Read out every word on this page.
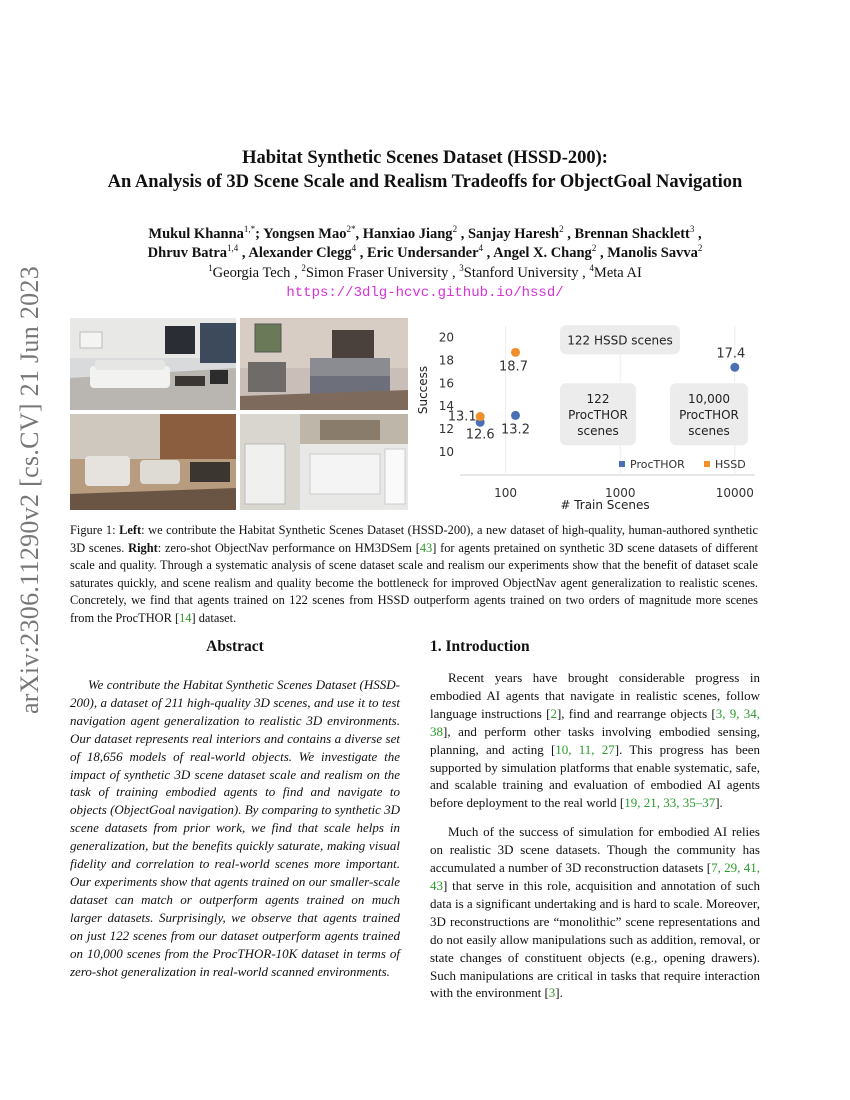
arXiv:2306.11290v2 [cs.CV] 21 Jun 2023
Habitat Synthetic Scenes Dataset (HSSD-200):
An Analysis of 3D Scene Scale and Realism Tradeoffs for ObjectGoal Navigation
Mukul Khanna$^{1,*}$; Yongsen Mao$^{2*}$, Hanxiao Jiang$^2$ , Sanjay Haresh$^2$ , Brennan Shacklett$^3$ ,
Dhruv Batra$^{1,4}$ , Alexander Clegg$^4$ , Eric Undersander$^4$ , Angel X. Chang$^2$ , Manolis Savva$^2$
$^1$Georgia Tech , $^2$Simon Fraser University , $^3$Stanford University , $^4$Meta AI
https://3dlg-hcvc.github.io/hssd/
122 HSSD scenes
122
ProcTHOR
scenes
10,000
ProcTHOR
scenes
12.6 13.2
17.4
13.1
18.7
10
12
14
16
18
20
100	1000	10000
Success
# Train Scenes
ProcTHOR	HSSD
Figure 1: Left: we contribute the Habitat Synthetic Scenes Dataset (HSSD-200), a new dataset of high-quality, human-authored synthetic 3D scenes. Right: zero-shot ObjectNav performance on HM3DSem [43] for agents pretained on synthetic 3D scene datasets of different scale and quality. Through a systematic analysis of scene dataset scale and realism our experiments show that the benefit of dataset scale saturates quickly, and scene realism and quality become the bottleneck for improved ObjectNav agent generalization to realistic scenes. Concretely, we find that agents trained on 122 scenes from HSSD outperform agents trained on two orders of magnitude more scenes from the ProcTHOR [14] dataset.
Abstract
We contribute the Habitat Synthetic Scenes Dataset (HSSD-200), a dataset of 211 high-quality 3D scenes, and use it to test navigation agent generalization to realistic 3D environments. Our dataset represents real interiors and contains a diverse set of 18,656 models of real-world objects. We investigate the impact of synthetic 3D scene dataset scale and realism on the task of training embodied agents to find and navigate to objects (ObjectGoal navigation). By comparing to synthetic 3D scene datasets from prior work, we find that scale helps in generalization, but the benefits quickly saturate, making visual fidelity and correlation to real-world scenes more important. Our experiments show that agents trained on our smaller-scale dataset can match or outperform agents trained on much larger datasets. Surprisingly, we observe that agents trained on just 122 scenes from our dataset outperform agents trained on 10,000 scenes from the ProcTHOR-10K dataset in terms of zero-shot generalization in real-world scanned environments.
1. Introduction

Recent years have brought considerable progress in embodied AI agents that navigate in realistic scenes, follow language instructions [2], find and rearrange objects [3, 9, 34, 38], and perform other tasks involving embodied sensing, planning, and acting [10, 11, 27]. This progress has been supported by simulation platforms that enable systematic, safe, and scalable training and evaluation of embodied AI agents before deployment to the real world [19, 21, 33, 35–37].

Much of the success of simulation for embodied AI relies on realistic 3D scene datasets. Though the community has accumulated a number of 3D reconstruction datasets [7, 29, 41, 43] that serve in this role, acquisition and annotation of such data is a significant undertaking and is hard to scale. Moreover, 3D reconstructions are “monolithic” scene representations and do not easily allow manipulations such as addition, removal, or state changes of constituent objects (e.g., opening drawers). Such manipulations are critical in tasks that require interaction with the environment [3].
